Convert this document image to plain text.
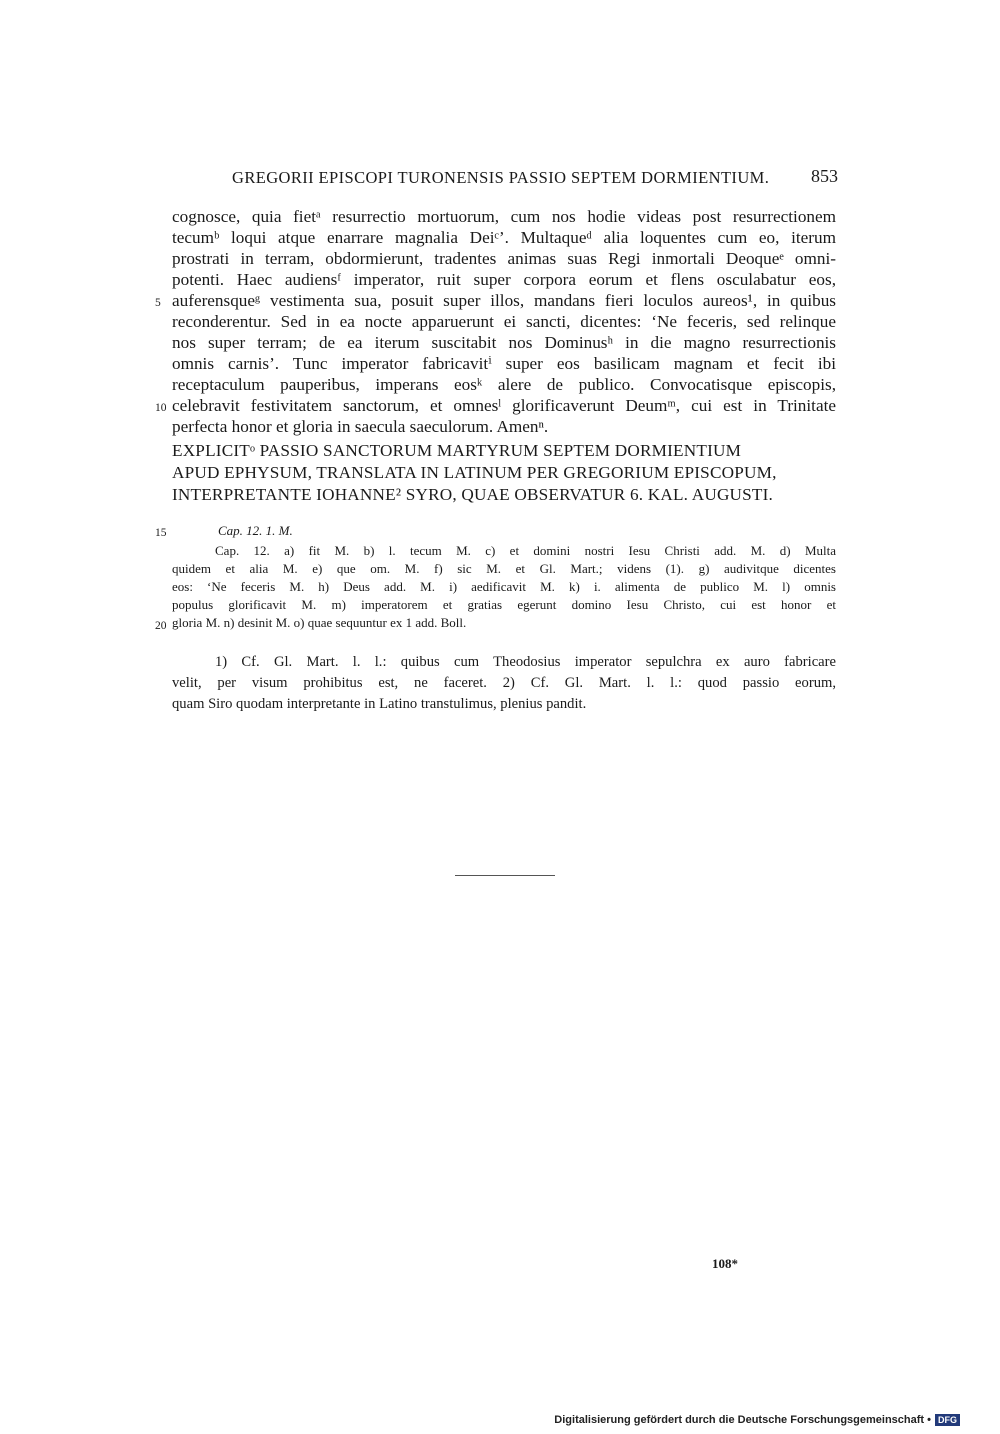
GREGORII EPISCOPI TURONENSIS PASSIO SEPTEM DORMIENTIUM. 853
cognosce, quia fietᵃ resurrectio mortuorum, cum nos hodie videas post resurrectionem
tecumᵇ loqui atque enarrare magnalia Deiᶜ’. Multaqueᵈ alia loquentes cum eo, iterum
prostrati in terram, obdormierunt, tradentes animas suas Regi inmortali Deoqueᵉ omni-
potenti. Haec audiensᶠ imperator, ruit super corpora eorum et flens osculabatur eos,
auferensqueᵍ vestimenta sua, posuit super illos, mandans fieri loculos aureos¹, in quibus
reconderentur. Sed in ea nocte apparuerunt ei sancti, dicentes: ‘Ne feceris, sed relinque
nos super terram; de ea iterum suscitabit nos Dominusʰ in die magno resurrectionis
omnis carnis’. Tunc imperator fabricavitⁱ super eos basilicam magnam et fecit ibi
receptaculum pauperibus, imperans eosᵏ alere de publico. Convocatisque episcopis,
celebravit festivitatem sanctorum, et omnesˡ glorificaverunt Deumᵐ, cui est in Trinitate
perfecta honor et gloria in saecula saeculorum. Amenⁿ.
5
10
15
20
EXPLICITᵒ PASSIO SANCTORUM MARTYRUM SEPTEM DORMIENTIUM
APUD EPHYSUM, TRANSLATA IN LATINUM PER GREGORIUM EPISCOPUM,
INTERPRETANTE IOHANNE² SYRO, QUAE OBSERVATUR 6. KAL. AUGUSTI.
Cap. 12. 1. M.
Cap. 12. a) fit M. b) l. tecum M. c) et domini nostri Iesu Christi add. M. d) Multa
quidem et alia M. e) que om. M. f) sic M. et Gl. Mart.; videns (1). g) audivitque dicentes
eos: ‘Ne feceris M. h) Deus add. M. i) aedificavit M. k) i. alimenta de publico M. l) omnis
populus glorificavit M. m) imperatorem et gratias egerunt domino Iesu Christo, cui est honor et
gloria M. n) desinit M. o) quae sequuntur ex 1 add. Boll.
1) Cf. Gl. Mart. l. l.: quibus cum Theodosius imperator sepulchra ex auro fabricare
velit, per visum prohibitus est, ne faceret. 2) Cf. Gl. Mart. l. l.: quod passio eorum,
quam Siro quodam interpretante in Latino transtulimus, plenius pandit.
108*
Digitalisierung gefördert durch die Deutsche Forschungsgemeinschaft • DFG
